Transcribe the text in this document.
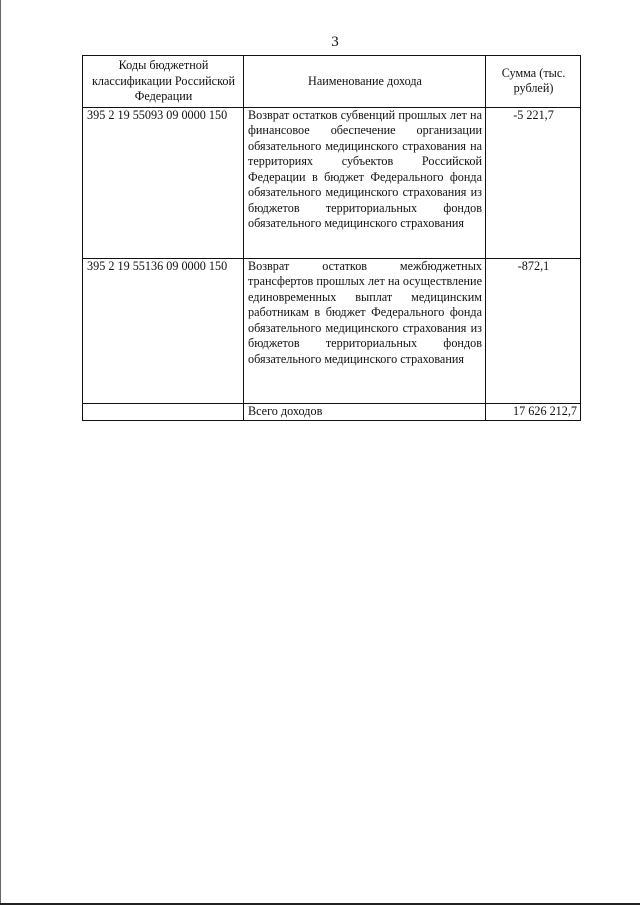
3
Коды бюджетной классификации Российской Федерации	Наименование дохода	Сумма (тыс. рублей)
395 2 19 55093 09 0000 150	Возврат остатков субвенций прошлых лет на финансовое обеспечение организации обязательного медицинского страхования на территориях субъектов Российской Федерации в бюджет Федерального фонда обязательного медицинского страхования из бюджетов территориальных фондов обязательного медицинского страхования	-5 221,7
395 2 19 55136 09 0000 150	Возврат остатков межбюджетных трансфертов прошлых лет на осуществление единовременных выплат медицинским работникам в бюджет Федерального фонда обязательного медицинского страхования из бюджетов территориальных фондов обязательного медицинского страхования	-872,1
	Всего доходов	17 626 212,7
